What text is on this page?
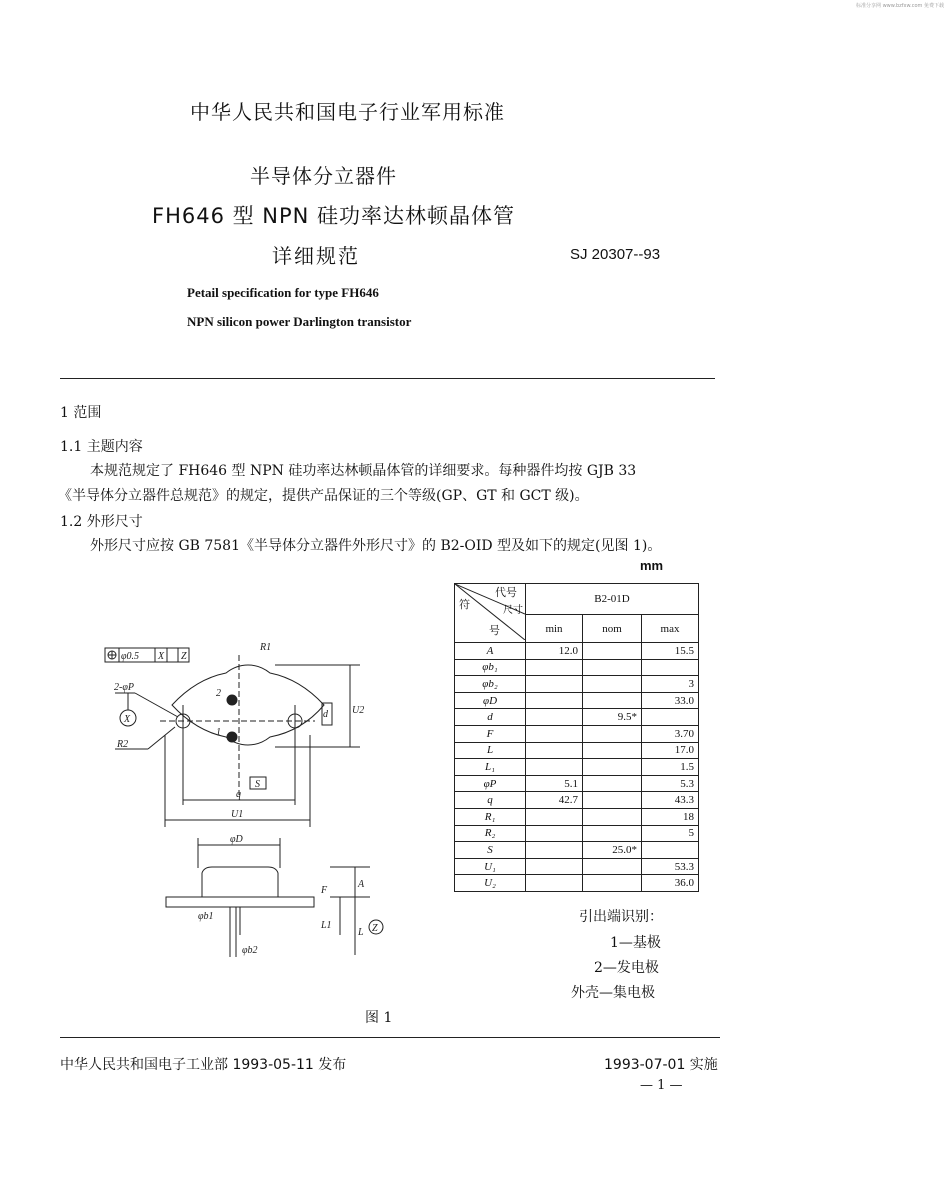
标准分享网 www.bzfxw.com 免费下载
中华人民共和国电子行业军用标准
半导体分立器件
FH646 型 NPN 硅功率达林顿晶体管
详细规范	SJ 20307--93
Petail specification for type FH646
NPN silicon power Darlington transistor
1 范围
1.1 主题内容
本规范规定了 FH646 型 NPN 硅功率达林顿晶体管的详细要求。每种器件均按 GJB 33
《半导体分立器件总规范》的规定，提供产品保证的三个等级(GP、GT 和 GCT 级)。
1.2 外形尺寸
外形尺寸应按 GB 7581《半导体分立器件外形尺寸》的 B2-OID 型及如下的规定(见图 1)。
φ0.5 X Z
2-φP
X
R2
R1
2
1
q
U1
U2
S
d
φD
φb1
φb2
F
L1
L
A
Z
mm
符
代号
尺寸
号	B2-01D		
	min	nom	max
A	12.0		15.5
φb₁			
φb₂			3
φD			33.0
d		9.5*	
F			3.70
L			17.0
L₁			1.5
φP	5.1		5.3
q	42.7		43.3
R₁			18
R₂			5
S		25.0*	
U₁			53.3
U₂			36.0
引出端识别：
1—基极
2—发电极
外壳—集电极
图 1
中华人民共和国电子工业部 1993-05-11 发布	1993-07-01 实施
— 1 —
